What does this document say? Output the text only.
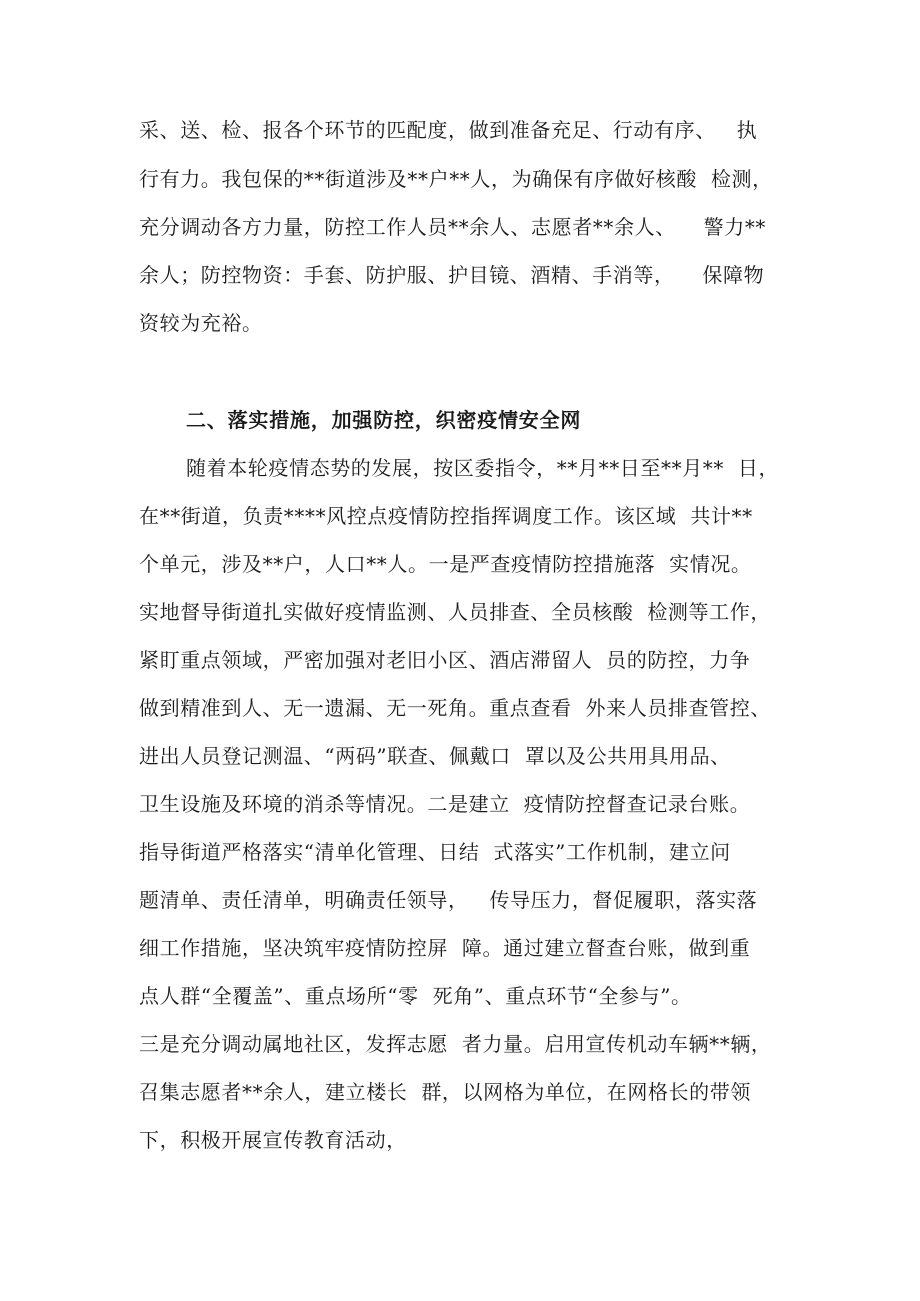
采、送、检、报各个环节的匹配度，做到准备充足、行动有序、   执
行有力。我包保的**街道涉及**户**人，为确保有序做好核酸  检测，
充分调动各方力量，防控工作人员**余人、志愿者**余人、    警力**
余人；防控物资：手套、防护服、护目镜、酒精、手消等，    保障物
资较为充裕。
二、落实措施，加强防控，织密疫情安全网
随着本轮疫情态势的发展，按区委指令，**月**日至**月**  日，
在**街道，负责****风控点疫情防控指挥调度工作。该区域  共计**
个单元，涉及**户，人口**人。一是严查疫情防控措施落  实情况。
实地督导街道扎实做好疫情监测、人员排查、全员核酸  检测等工作，
紧盯重点领域，严密加强对老旧小区、酒店滞留人  员的防控，力争
做到精准到人、无一遗漏、无一死角。重点查看  外来人员排查管控、
进出人员登记测温、“两码”联查、佩戴口  罩以及公共用具用品、
卫生设施及环境的消杀等情况。二是建立  疫情防控督查记录台账。
指导街道严格落实“清单化管理、日结  式落实”工作机制，建立问
题清单、责任清单，明确责任领导，   传导压力，督促履职，落实落
细工作措施，坚决筑牢疫情防控屏  障。通过建立督查台账，做到重
点人群“全覆盖”、重点场所“零  死角”、重点环节“全参与”。
三是充分调动属地社区，发挥志愿  者力量。启用宣传机动车辆**辆，
召集志愿者**余人，建立楼长  群，以网格为单位，在网格长的带领
下，积极开展宣传教育活动，
